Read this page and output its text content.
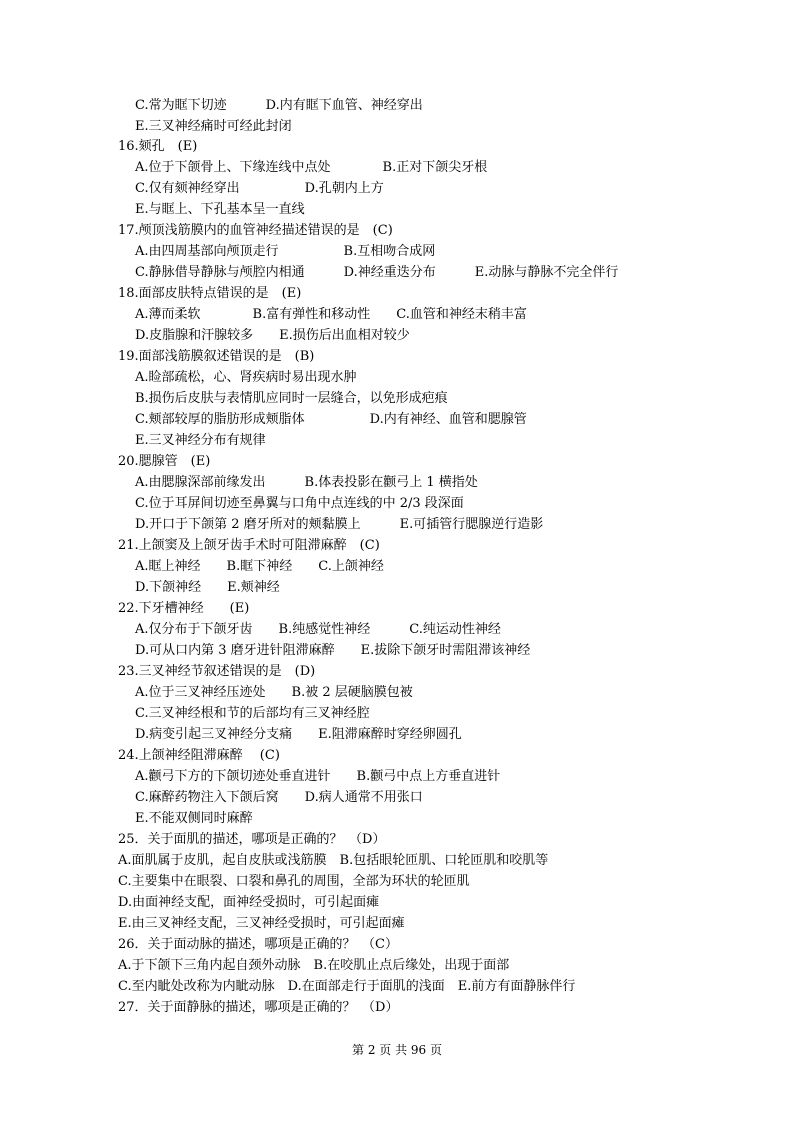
C.常为眶下切迹　　　D.内有眶下血管、神经穿出
E.三叉神经痛时可经此封闭
16.颏孔　(E)
A.位于下颌骨上、下缘连线中点处　　　　B.正对下颌尖牙根
C.仅有颏神经穿出　　　　　D.孔朝内上方
E.与眶上、下孔基本呈一直线
17.颅顶浅筋膜内的血管神经描述错误的是　(C)
A.由四周基部向颅顶走行　　　　　B.互相吻合成网
C.静脉借导静脉与颅腔内相通　　　D.神经重迭分布　　　E.动脉与静脉不完全伴行
18.面部皮肤特点错误的是　(E)
A.薄而柔软　　　　B.富有弹性和移动性　　C.血管和神经末稍丰富
D.皮脂腺和汗腺较多　　E.损伤后出血相对较少
19.面部浅筋膜叙述错误的是　(B)
A.睑部疏松，心、肾疾病时易出现水肿
B.损伤后皮肤与表情肌应同时一层缝合，以免形成疤痕
C.颊部较厚的脂肪形成颊脂体　　　　　D.内有神经、血管和腮腺管
E.三叉神经分布有规律
20.腮腺管　(E)
A.由腮腺深部前缘发出　　　B.体表投影在颧弓上 1 横指处
C.位于耳屏间切迹至鼻翼与口角中点连线的中 2/3 段深面
D.开口于下颌第 2 磨牙所对的颊黏膜上　　　E.可插管行腮腺逆行造影
21.上颌窦及上颌牙齿手术时可阻滞麻醉　(C)
A.眶上神经　　B.眶下神经　　C.上颌神经
D.下颌神经　　E.颊神经
22.下牙槽神经　　(E)
A.仅分布于下颌牙齿　　B.纯感觉性神经　　　C.纯运动性神经
D.可从口内第 3 磨牙进针阻滞麻醉　　E.拔除下颌牙时需阻滞该神经
23.三叉神经节叙述错误的是　(D)
A.位于三叉神经压迹处　　B.被 2 层硬脑膜包被
C.三叉神经根和节的后部均有三叉神经腔
D.病变引起三叉神经分支痛　　E.阻滞麻醉时穿经卵圆孔
24.上颌神经阻滞麻醉　 (C)
A.颧弓下方的下颌切迹处垂直进针　　B.颧弓中点上方垂直进针
C.麻醉药物注入下颌后窝　　D.病人通常不用张口
E.不能双侧同时麻醉
25．关于面肌的描述，哪项是正确的？　（D）
A.面肌属于皮肌，起自皮肤或浅筋膜　B.包括眼轮匝肌、口轮匝肌和咬肌等
C.主要集中在眼裂、口裂和鼻孔的周围，全部为环状的轮匝肌
D.由面神经支配，面神经受损时，可引起面瘫
E.由三叉神经支配，三叉神经受损时，可引起面瘫
26．关于面动脉的描述，哪项是正确的？　（C）
A.于下颌下三角内起自颈外动脉　B.在咬肌止点后缘处，出现于面部
C.至内眦处改称为内眦动脉　D.在面部走行于面肌的浅面　E.前方有面静脉伴行
27．关于面静脉的描述，哪项是正确的？　（D）
第 2 页 共 96 页
